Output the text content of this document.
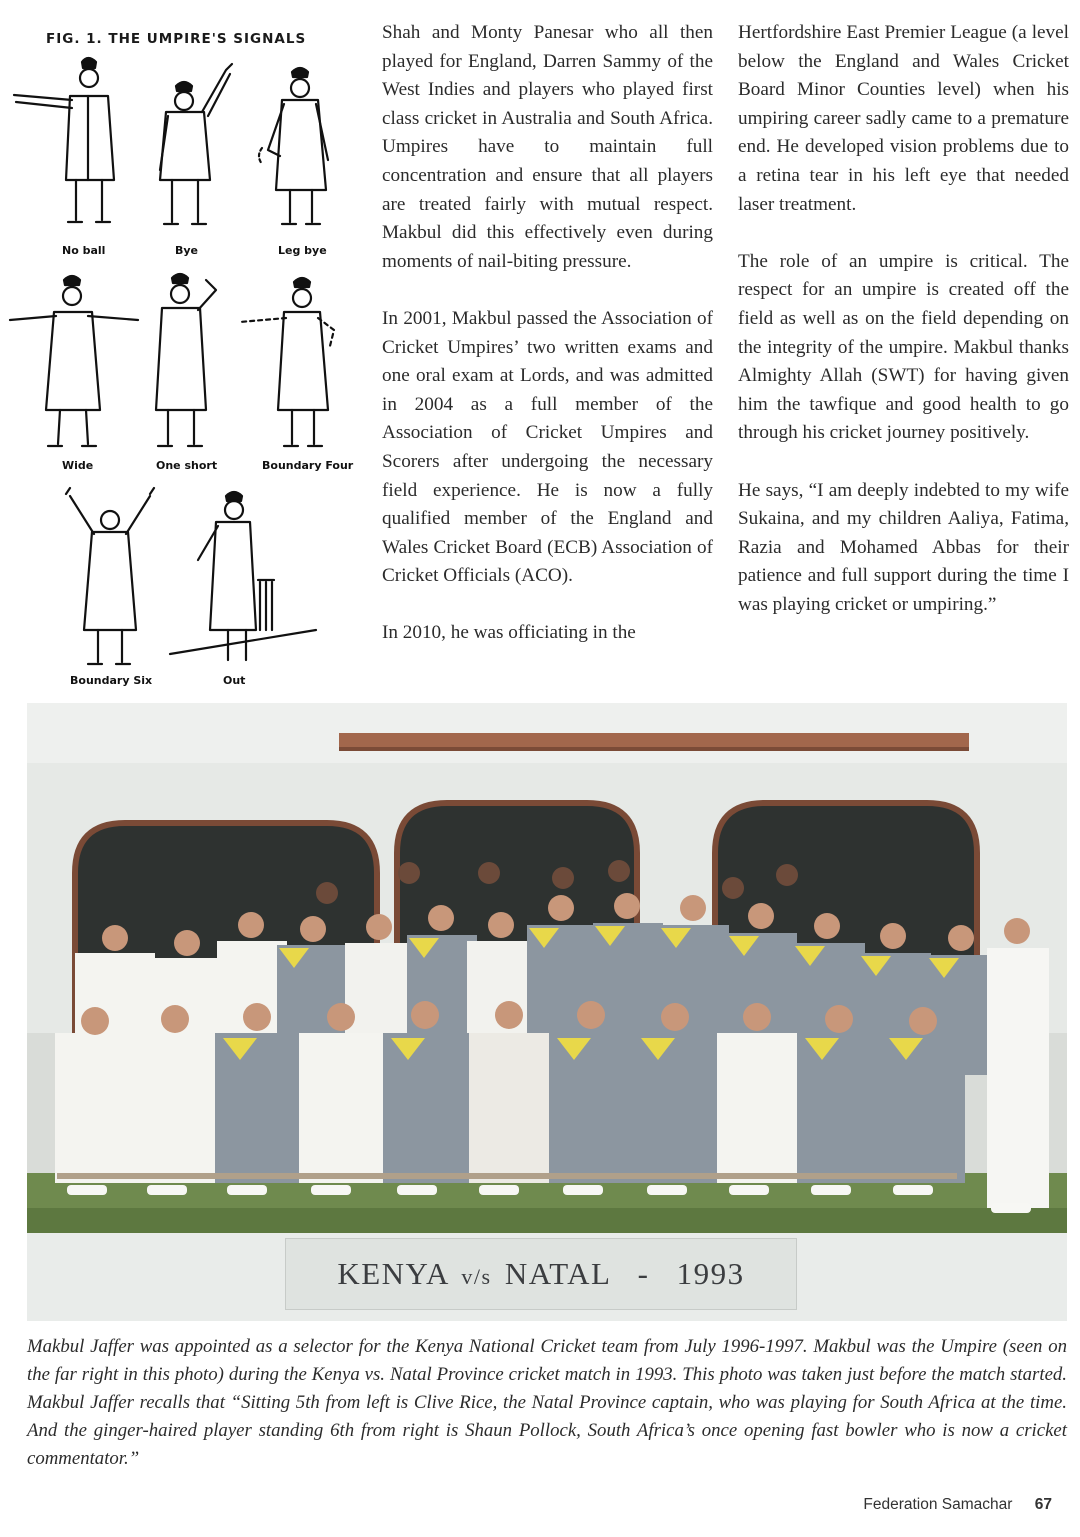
FIG. 1. THE UMPIRE'S SIGNALS
No ball	Bye	Leg bye
Wide	One short	Boundary Four
Boundary Six	Out

Shah and Monty Panesar who all then played for England, Darren Sammy of the West Indies and players who played first class cricket in Australia and South Africa. Umpires have to maintain full concentration and ensure that all players are treated fairly with mutual respect. Makbul did this effectively even during moments of nail-biting pressure.

In 2001, Makbul passed the Association of Cricket Umpires’ two written exams and one oral exam at Lords, and was admitted in 2004 as a full member of the Association of Cricket Umpires and Scorers after undergoing the necessary field experience. He is now a fully qualified member of the England and Wales Cricket Board (ECB) Association of Cricket Officials (ACO).

In 2010, he was officiating in the

Hertfordshire East Premier League (a level below the England and Wales Cricket Board Minor Counties level) when his umpiring career sadly came to a premature end. He developed vision problems due to a retina tear in his left eye that needed laser treatment.

The role of an umpire is critical. The respect for an umpire is created off the field as well as on the field depending on the integrity of the umpire. Makbul thanks Almighty Allah (SWT) for having given him the tawfique and good health to go through his cricket journey positively.

He says, “I am deeply indebted to my wife Sukaina, and my children Aaliya, Fatima, Razia and Mohamed Abbas for their patience and full support during the time I was playing cricket or umpiring.”

KENYA v/s NATAL - 1993
Makbul Jaffer was appointed as a selector for the Kenya National Cricket team from July 1996-1997. Makbul was the Umpire (seen on the far right in this photo) during the Kenya vs. Natal Province cricket match in 1993. This photo was taken just before the match started. Makbul Jaffer recalls that “Sitting 5th from left is Clive Rice, the Natal Province captain, who was playing for South Africa at the time. And the ginger-haired player standing 6th from right is Shaun Pollock, South Africa’s once opening fast bowler who is now a cricket commentator.”
Federation Samachar 67
